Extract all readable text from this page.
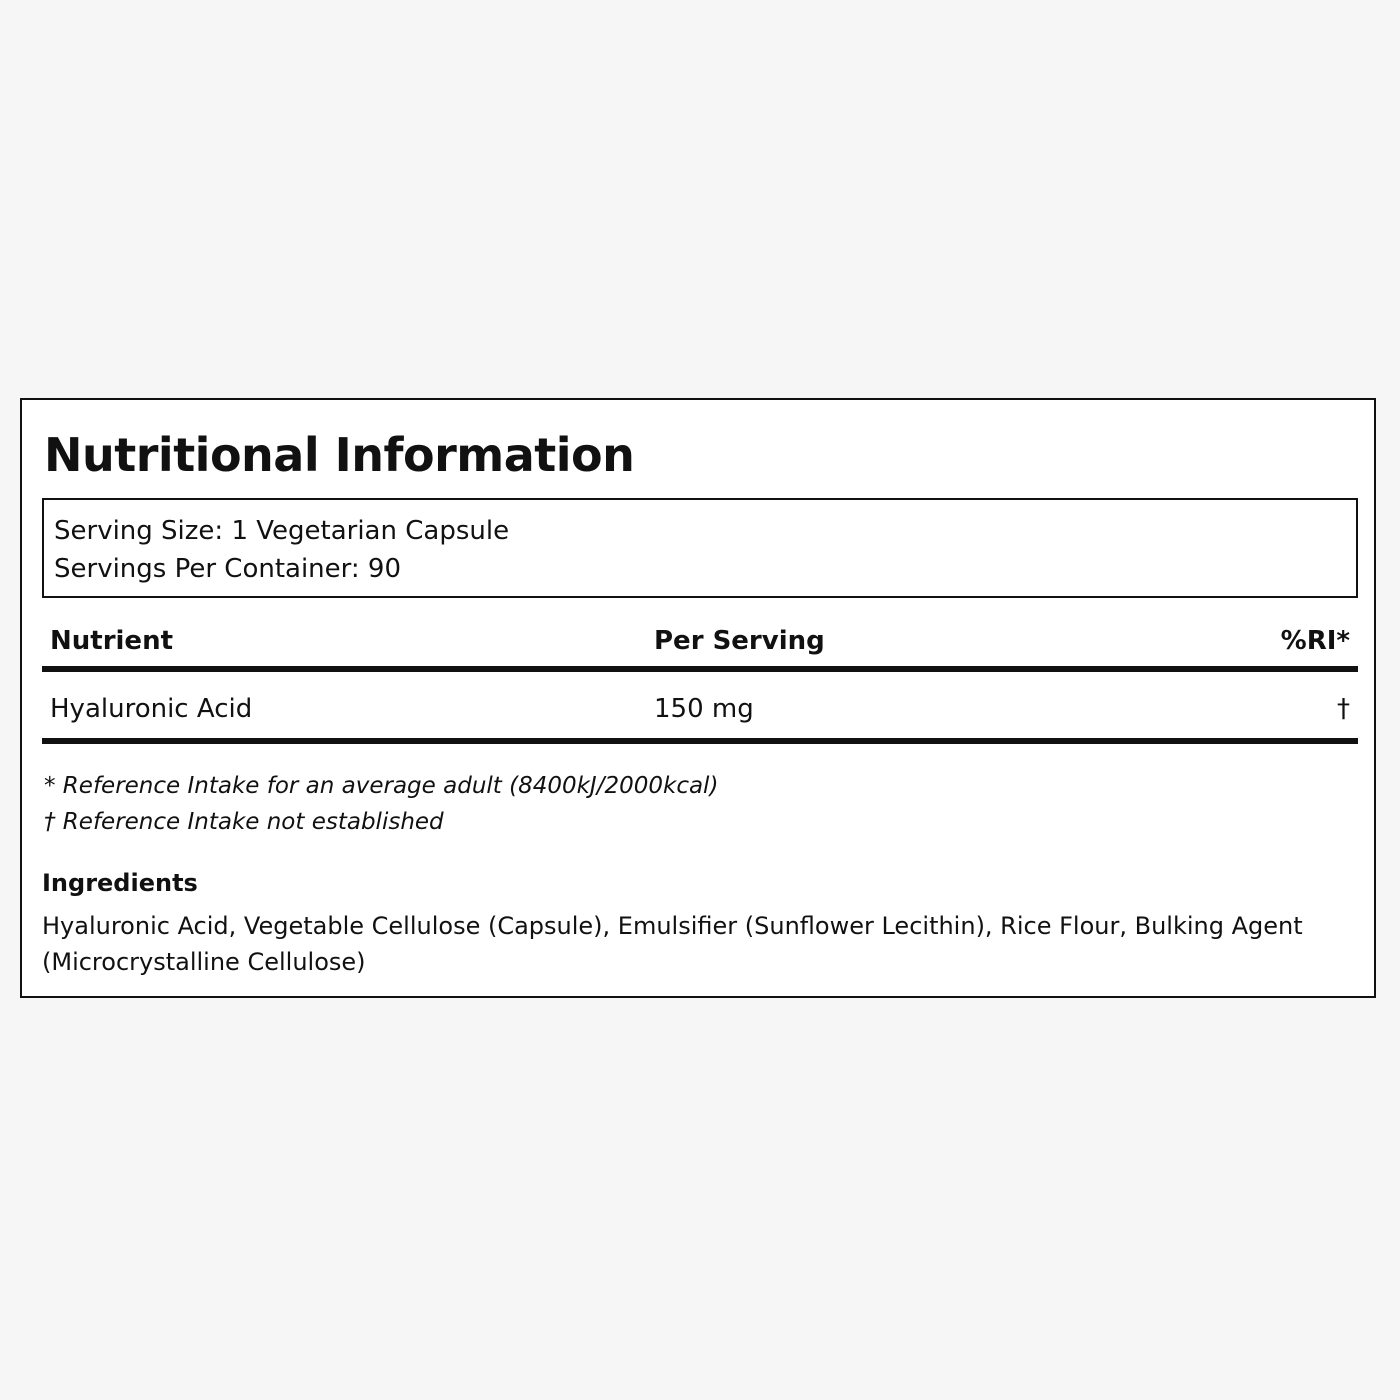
Nutritional Information
Serving Size: 1 Vegetarian Capsule
Servings Per Container: 90
Nutrient	Per Serving	%RI*
Hyaluronic Acid	150 mg	†
* Reference Intake for an average adult (8400kJ/2000kcal)
† Reference Intake not established
Ingredients
Hyaluronic Acid, Vegetable Cellulose (Capsule), Emulsifier (Sunflower Lecithin), Rice Flour, Bulking Agent (Microcrystalline Cellulose)
